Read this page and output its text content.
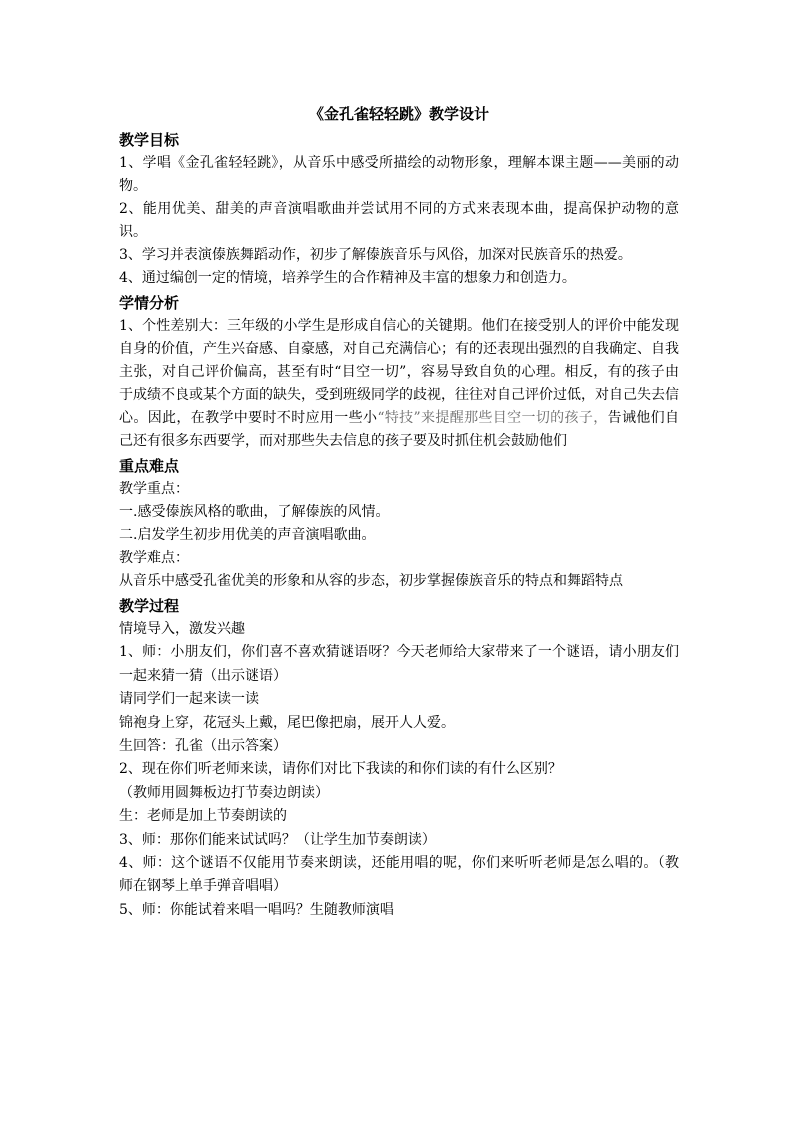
《金孔雀轻轻跳》教学设计

教学目标

1、学唱《金孔雀轻轻跳》，从音乐中感受所描绘的动物形象，理解本课主题——美丽的动物。

2、能用优美、甜美的声音演唱歌曲并尝试用不同的方式来表现本曲，提高保护动物的意识。

3、学习并表演傣族舞蹈动作，初步了解傣族音乐与风俗，加深对民族音乐的热爱。

4、通过编创一定的情境，培养学生的合作精神及丰富的想象力和创造力。

学情分析

1、个性差别大：三年级的小学生是形成自信心的关键期。他们在接受别人的评价中能发现自身的价值，产生兴奋感、自豪感，对自己充满信心；有的还表现出强烈的自我确定、自我主张，对自己评价偏高，甚至有时“目空一切”，容易导致自负的心理。相反，有的孩子由于成绩不良或某个方面的缺失，受到班级同学的歧视，往往对自己评价过低，对自己失去信心。因此，在教学中要时不时应用一些小“特技”来提醒那些目空一切的孩子，告诫他们自己还有很多东西要学，而对那些失去信息的孩子要及时抓住机会鼓励他们

重点难点

教学重点：

一.感受傣族风格的歌曲，了解傣族的风情。

二.启发学生初步用优美的声音演唱歌曲。

教学难点：

从音乐中感受孔雀优美的形象和从容的步态，初步掌握傣族音乐的特点和舞蹈特点

教学过程

情境导入，激发兴趣

1、师：小朋友们，你们喜不喜欢猜谜语呀？今天老师给大家带来了一个谜语，请小朋友们一起来猜一猜（出示谜语）

请同学们一起来读一读

锦袍身上穿，花冠头上戴，尾巴像把扇，展开人人爱。

生回答：孔雀（出示答案）

2、现在你们听老师来读，请你们对比下我读的和你们读的有什么区别？

（教师用圆舞板边打节奏边朗读）

生：老师是加上节奏朗读的

3、师：那你们能来试试吗？（让学生加节奏朗读）

4、师：这个谜语不仅能用节奏来朗读，还能用唱的呢，你们来听听老师是怎么唱的。（教师在钢琴上单手弹音唱唱）

5、师：你能试着来唱一唱吗？生随教师演唱
